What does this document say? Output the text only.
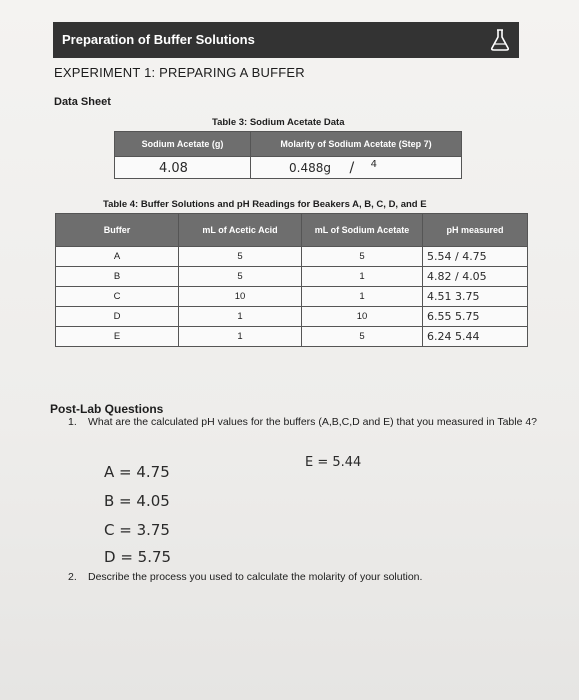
Preparation of Buffer Solutions
EXPERIMENT 1: PREPARING A BUFFER
Data Sheet
Table 3: Sodium Acetate Data
Sodium Acetate (g)	Molarity of Sodium Acetate (Step 7)
4.08	0.488g / $^4$
Table 4: Buffer Solutions and pH Readings for Beakers A, B, C, D, and E
Buffer	mL of Acetic Acid	mL of Sodium Acetate	pH measured
A	5	5	5.54 / 4.75
B	5	1	4.82 / 4.05
C	10	1	4.51 3.75
D	1	10	6.55 5.75
E	1	5	6.24 5.44
Post-Lab Questions
1. What are the calculated pH values for the buffers (A,B,C,D and E) that you measured in Table 4?
A = 4.75
E = 5.44
B = 4.05
C = 3.75
D = 5.75
2. Describe the process you used to calculate the molarity of your solution.
